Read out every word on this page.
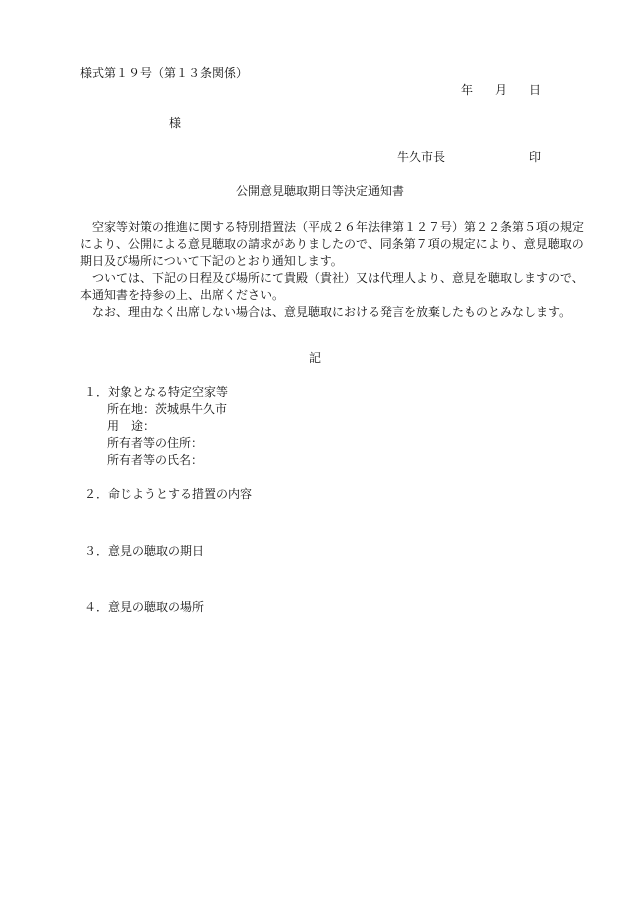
様式第１９号（第１３条関係）
年 月 日
様
牛久市長	印
公開意見聴取期日等決定通知書
空家等対策の推進に関する特別措置法（平成２６年法律第１２７号）第２２条第５項の規定
により、公開による意見聴取の請求がありましたので、同条第７項の規定により、意見聴取の
期日及び場所について下記のとおり通知します。
ついては、下記の日程及び場所にて貴殿（貴社）又は代理人より、意見を聴取しますので、
本通知書を持参の上、出席ください。
なお、理由なく出席しない場合は、意見聴取における発言を放棄したものとみなします。
記
１．対象となる特定空家等
所在地：茨城県牛久市
用　途：
所有者等の住所：
所有者等の氏名：
２．命じようとする措置の内容
３．意見の聴取の期日
４．意見の聴取の場所
